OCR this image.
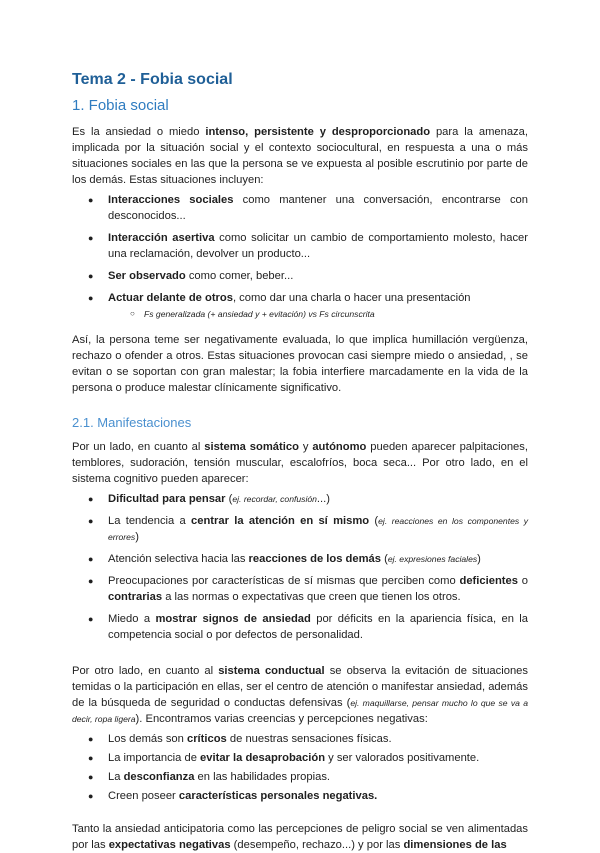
Tema 2 - Fobia social
1. Fobia social

Es la ansiedad o miedo intenso, persistente y desproporcionado para la amenaza, implicada por la situación social y el contexto sociocultural, en respuesta a una o más situaciones sociales en las que la persona se ve expuesta al posible escrutinio por parte de los demás. Estas situaciones incluyen:

● Interacciones sociales como mantener una conversación, encontrarse con desconocidos...
● Interacción asertiva como solicitar un cambio de comportamiento molesto, hacer una reclamación, devolver un producto...
● Ser observado como comer, beber...
● Actuar delante de otros, como dar una charla o hacer una presentación
○ Fs generalizada (+ ansiedad y + evitación) vs Fs circunscrita

Así, la persona teme ser negativamente evaluada, lo que implica humillación vergüenza, rechazo o ofender a otros. Estas situaciones provocan casi siempre miedo o ansiedad, , se evitan o se soportan con gran malestar; la fobia interfiere marcadamente en la vida de la persona o produce malestar clínicamente significativo.

2.1. Manifestaciones

Por un lado, en cuanto al sistema somático y autónomo pueden aparecer palpitaciones, temblores, sudoración, tensión muscular, escalofríos, boca seca... Por otro lado, en el sistema cognitivo pueden aparecer:

● Dificultad para pensar (ej. recordar, confusión...)
● La tendencia a centrar la atención en sí mismo (ej. reacciones en los componentes y errores)
● Atención selectiva hacia las reacciones de los demás (ej. expresiones faciales)
● Preocupaciones por características de sí mismas que perciben como deficientes o contrarias a las normas o expectativas que creen que tienen los otros.
● Miedo a mostrar signos de ansiedad por déficits en la apariencia física, en la competencia social o por defectos de personalidad.

Por otro lado, en cuanto al sistema conductual se observa la evitación de situaciones temidas o la participación en ellas, ser el centro de atención o manifestar ansiedad, además de la búsqueda de seguridad o conductas defensivas (ej. maquillarse, pensar mucho lo que se va a decir, ropa ligera). Encontramos varias creencias y percepciones negativas:

● Los demás son críticos de nuestras sensaciones físicas.
● La importancia de evitar la desaprobación y ser valorados positivamente.
● La desconfianza en las habilidades propias.
● Creen poseer características personales negativas.

Tanto la ansiedad anticipatoria como las percepciones de peligro social se ven alimentadas por las expectativas negativas (desempeño, rechazo...) y por las dimensiones de las
